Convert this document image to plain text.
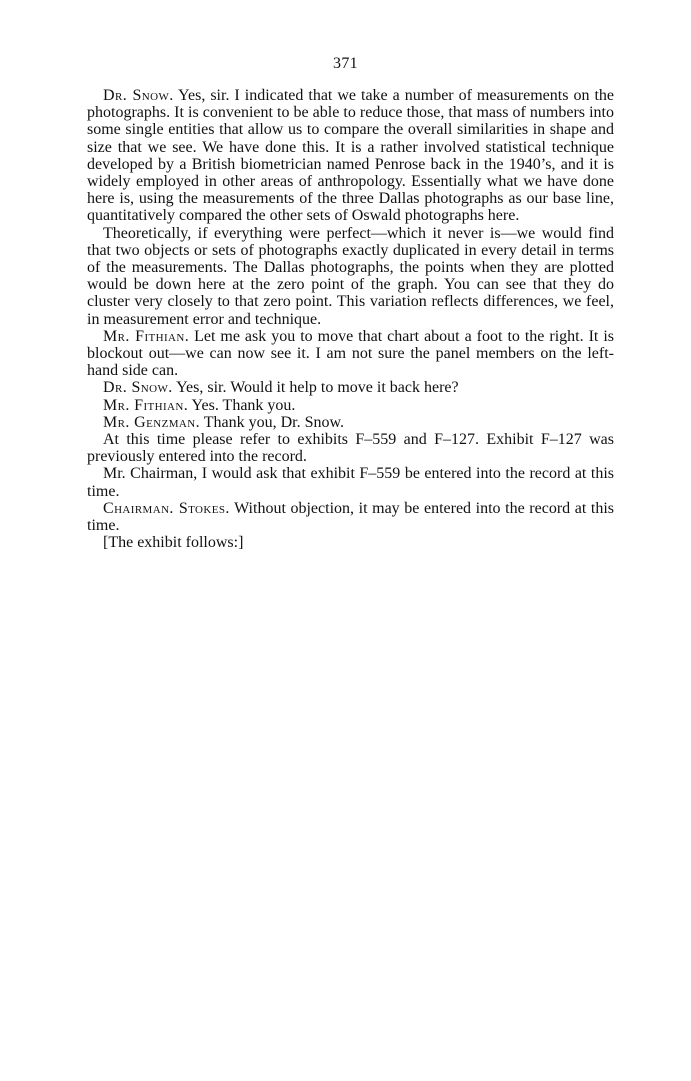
371

Dr. Snow. Yes, sir. I indicated that we take a number of measurements on the photographs. It is convenient to be able to reduce those, that mass of numbers into some single entities that allow us to compare the overall similarities in shape and size that we see. We have done this. It is a rather involved statistical technique developed by a British biometrician named Penrose back in the 1940’s, and it is widely employed in other areas of anthropology. Essentially what we have done here is, using the measurements of the three Dallas photographs as our base line, quantitatively compared the other sets of Oswald photographs here.

Theoretically, if everything were perfect—which it never is—we would find that two objects or sets of photographs exactly duplicated in every detail in terms of the measurements. The Dallas photographs, the points when they are plotted would be down here at the zero point of the graph. You can see that they do cluster very closely to that zero point. This variation reflects differences, we feel, in measurement error and technique.

Mr. Fithian. Let me ask you to move that chart about a foot to the right. It is blockout out—we can now see it. I am not sure the panel members on the left-hand side can.

Dr. Snow. Yes, sir. Would it help to move it back here?

Mr. Fithian. Yes. Thank you.

Mr. Genzman. Thank you, Dr. Snow.

At this time please refer to exhibits F–559 and F–127. Exhibit F–127 was previously entered into the record.

Mr. Chairman, I would ask that exhibit F–559 be entered into the record at this time.

Chairman. Stokes. Without objection, it may be entered into the record at this time.

[The exhibit follows:]
